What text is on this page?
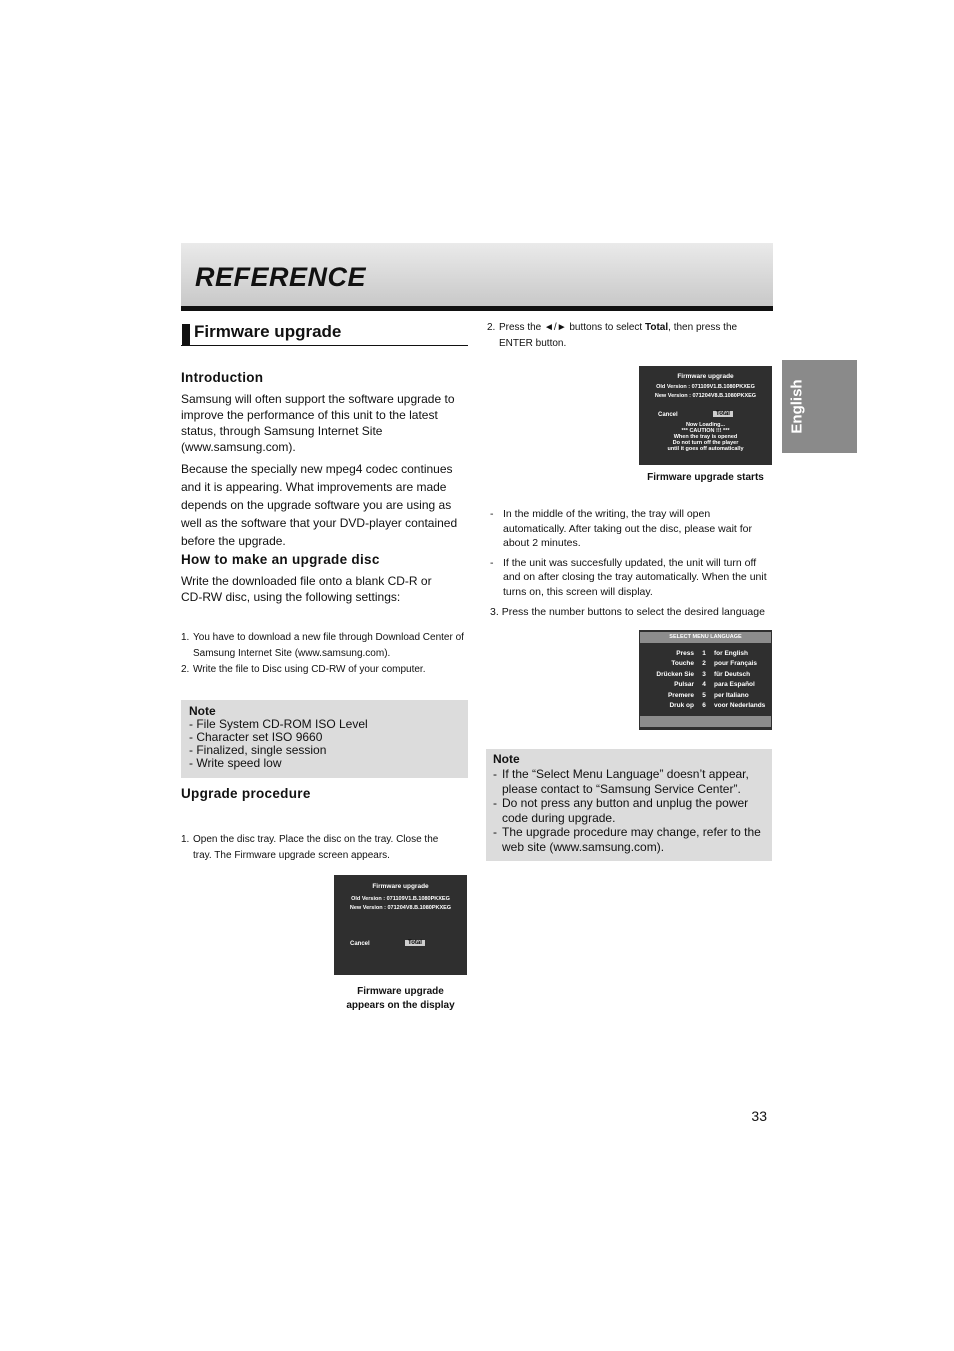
REFERENCE
Firmware upgrade
English
Introduction
Samsung will often support the software upgrade to improve the performance of this unit to the latest status, through Samsung Internet Site (www.samsung.com).
Because the specially new mpeg4 codec continues and it is appearing. What improvements are made depends on the upgrade software you are using as well as the software that your DVD-player contained before the upgrade.
How to make an upgrade disc
Write the downloaded file onto a blank CD-R or CD-RW disc, using the following settings:
1. You have to download a new file through Download Center of Samsung Internet Site (www.samsung.com).
2. Write the file to Disc using CD-RW of your computer.
Note
- File System CD-ROM ISO Level
- Character set ISO 9660
- Finalized, single session
- Write speed low
Upgrade procedure
1. Open the disc tray. Place the disc on the tray. Close the tray. The Firmware upgrade screen appears.
Firmware upgrade
Old Version : 071109V1.B.1080PKXEG
New Version : 071204V8.B.1080PKXEG
Cancel	Total
Firmware upgrade
appears on the display
2. Press the ◄/► buttons to select Total, then press the ENTER button.
Firmware upgrade
Old Version : 071109V1.B.1080PKXEG
New Version : 071204V8.B.1080PKXEG
Cancel	Total
Now Loading...
*** CAUTION !!! ***
When the tray is opened
Do not turn off the player
until it goes off automatically
Firmware upgrade starts
- In the middle of the writing, the tray will open automatically. After taking out the disc, please wait for about 2 minutes.
- If the unit was succesfully updated, the unit will turn off and on after closing the tray automatically. When the unit turns on, this screen will display.
3. Press the number buttons to select the desired language
SELECT MENU LANGUAGE
Press	1	for English
Touche	2	pour Français
Drücken Sie	3	für Deutsch
Pulsar	4	para Español
Premere	5	per Italiano
Druk op	6	voor Nederlands
Note
- If the “Select Menu Language” doesn’t appear, please contact to “Samsung Service Center”.
- Do not press any button and unplug the power code during upgrade.
- The upgrade procedure may change, refer to the web site (www.samsung.com).
33
